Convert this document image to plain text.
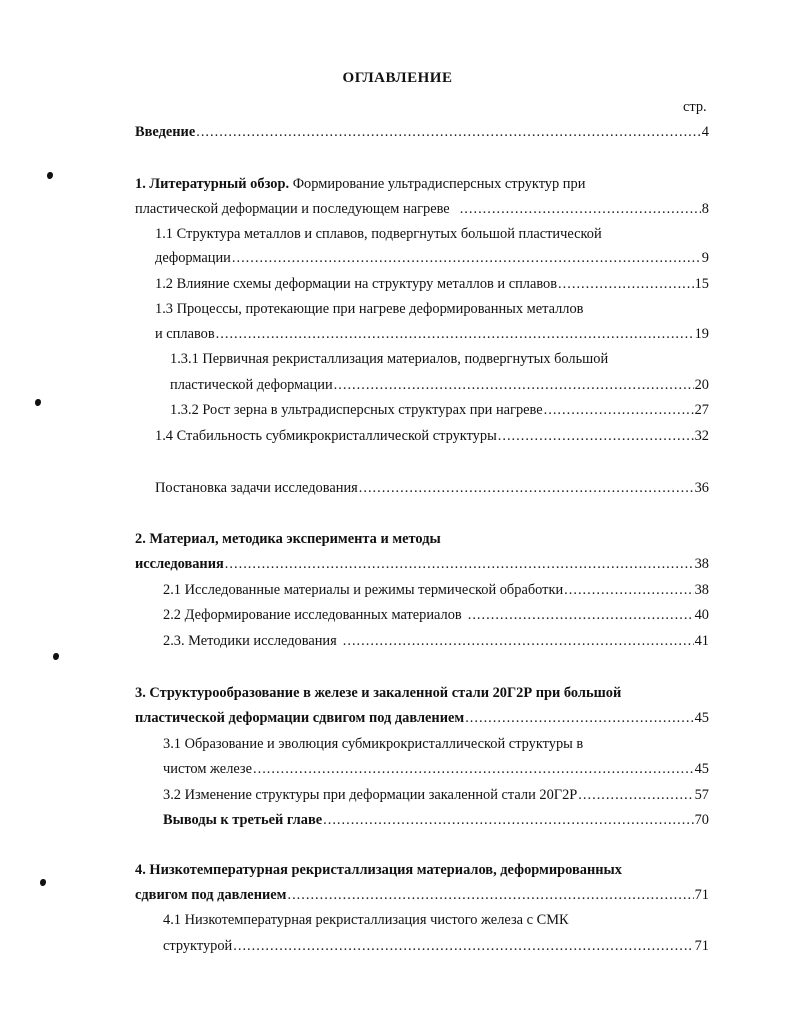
ОГЛАВЛЕНИЕ
стр.
Введение .....	4
1. Литературный обзор. Формирование ультрадисперсных структур при
пластической деформации и последующем нагреве .....	8
1.1 Структура металлов и сплавов, подвергнутых большой пластической
деформации .....	9
1.2 Влияние схемы деформации на структуру металлов и сплавов .....	15
1.3 Процессы, протекающие при нагреве деформированных металлов
и сплавов .....	19
1.3.1 Первичная рекристаллизация материалов, подвергнутых большой
пластической деформации .....	20
1.3.2 Рост зерна в ультрадисперсных структурах при нагреве .....	27
1.4 Стабильность субмикрокристаллической структуры .....	32
Постановка задачи исследования .....	36
2. Материал, методика эксперимента и методы
исследования .....	38
2.1 Исследованные материалы и режимы термической обработки .....	38
2.2 Деформирование исследованных материалов .....	40
2.3. Методики исследования .....	41
3. Структурообразование в железе и закаленной стали 20Г2Р при большой
пластической деформации сдвигом под давлением .....	45
3.1 Образование и эволюция субмикрокристаллической структуры в
чистом железе .....	45
3.2 Изменение структуры при деформации закаленной стали 20Г2Р .....	57
Выводы к третьей главе .....	70
4. Низкотемпературная рекристаллизация материалов, деформированных
сдвигом под давлением .....	71
4.1 Низкотемпературная рекристаллизация чистого железа с СМК
структурой .....	71
